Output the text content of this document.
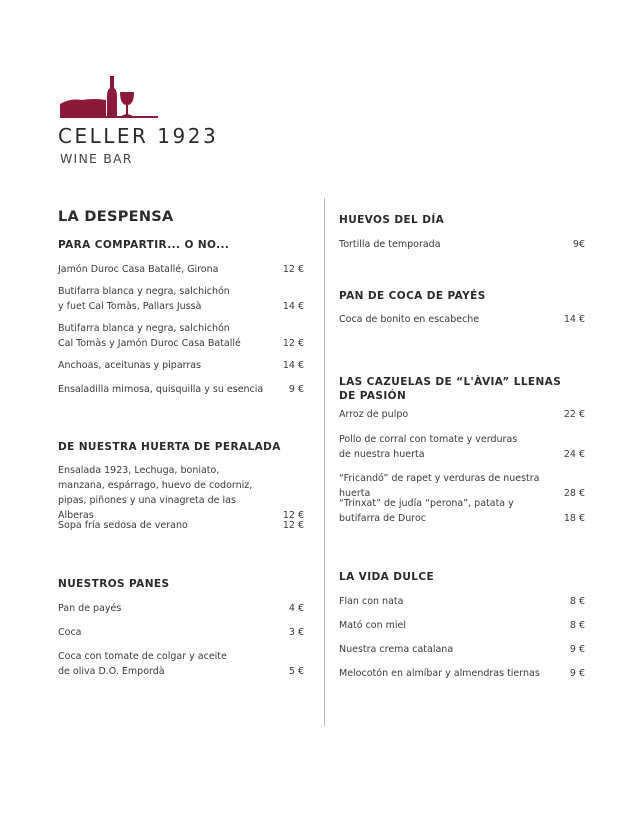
CELLER 1923
WINE BAR
LA DESPENSA
PARA COMPARTIR... O NO...
Jamón Duroc Casa Batallé, Girona	12 €
Butifarra blanca y negra, salchichón
y fuet Cal Tomàs, Pallars Jussà	14 €
Butifarra blanca y negra, salchichón
Cal Tomàs y Jamón Duroc Casa Batallé	12 €
Anchoas, aceitunas y piparras	14 €
Ensaladilla mimosa, quisquilla y su esencia	9 €
DE NUESTRA HUERTA DE PERALADA
Ensalada 1923, Lechuga, boniato,
manzana, espárrago, huevo de codorniz,
pipas, piñones y una vinagreta de las Alberas	12 €
Sopa fría sedosa de verano	12 €
NUESTROS PANES
Pan de payés	4 €
Coca	3 €
Coca con tomate de colgar y aceite
de oliva D.O. Empordà	5 €
HUEVOS DEL DÍA
Tortilla de temporada	9€
PAN DE COCA DE PAYÉS
Coca de bonito en escabeche	14 €
LAS CAZUELAS DE “L'ÀVIA” LLENAS
DE PASIÓN
Arroz de pulpo	22 €
Pollo de corral con tomate y verduras
de nuestra huerta	24 €
“Fricandó” de rapet y verduras de nuestra huerta	28 €
“Trinxat” de judía “perona”, patata y
butifarra de Duroc	18 €
LA VIDA DULCE
Flan con nata	8 €
Mató con miel	8 €
Nuestra crema catalana	9 €
Melocotón en almíbar y almendras tiernas	9 €
